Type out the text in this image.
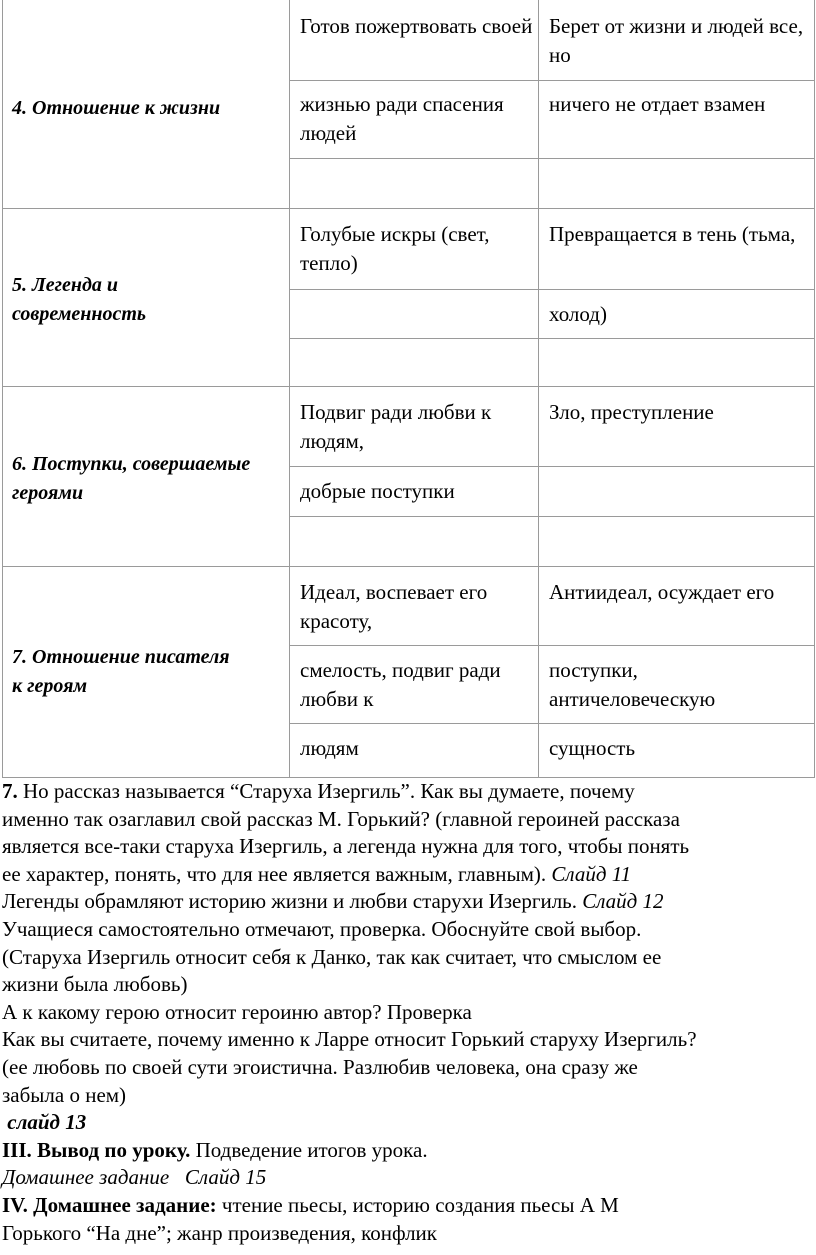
4. Отношение к жизни
Готов пожертвовать своей Берет от жизни и людей все, но
жизнью ради спасения людей
ничего не отдает взамен
5. Легенда и современность
Голубые искры (свет, тепло)
Превращается в тень (тьма,
холод)
6. Поступки, совершаемые героями
Подвиг ради любви к людям,
Зло, преступление
добрые поступки
7. Отношение писателя к героям
Идеал, воспевает его красоту,
Антиидеал, осуждает его
смелость, подвиг ради любви к
поступки, античеловеческую
людям	сущность
7. Но рассказ называется “Старуха Изергиль”. Как вы думаете, почему
именно так озаглавил свой рассказ М. Горький? (главной героиней рассказа
является все-таки старуха Изергиль, а легенда нужна для того, чтобы понять
ее характер, понять, что для нее является важным, главным). Слайд 11
Легенды обрамляют историю жизни и любви старухи Изергиль. Слайд 12
Учащиеся самостоятельно отмечают, проверка. Обоснуйте свой выбор.
(Старуха Изергиль относит себя к Данко, так как считает, что смыслом ее
жизни была любовь)
А к какому герою относит героиню автор? Проверка
Как вы считаете, почему именно к Ларре относит Горький старуху Изергиль?
(ее любовь по своей сути эгоистична. Разлюбив человека, она сразу же
забыла о нем)
слайд 13
III. Вывод по уроку. Подведение итогов урока.
Домашнее задание   Слайд 15
IV. Домашнее задание: чтение пьесы, историю создания пьесы А М
Горького “На дне”; жанр произведения, конфлик
